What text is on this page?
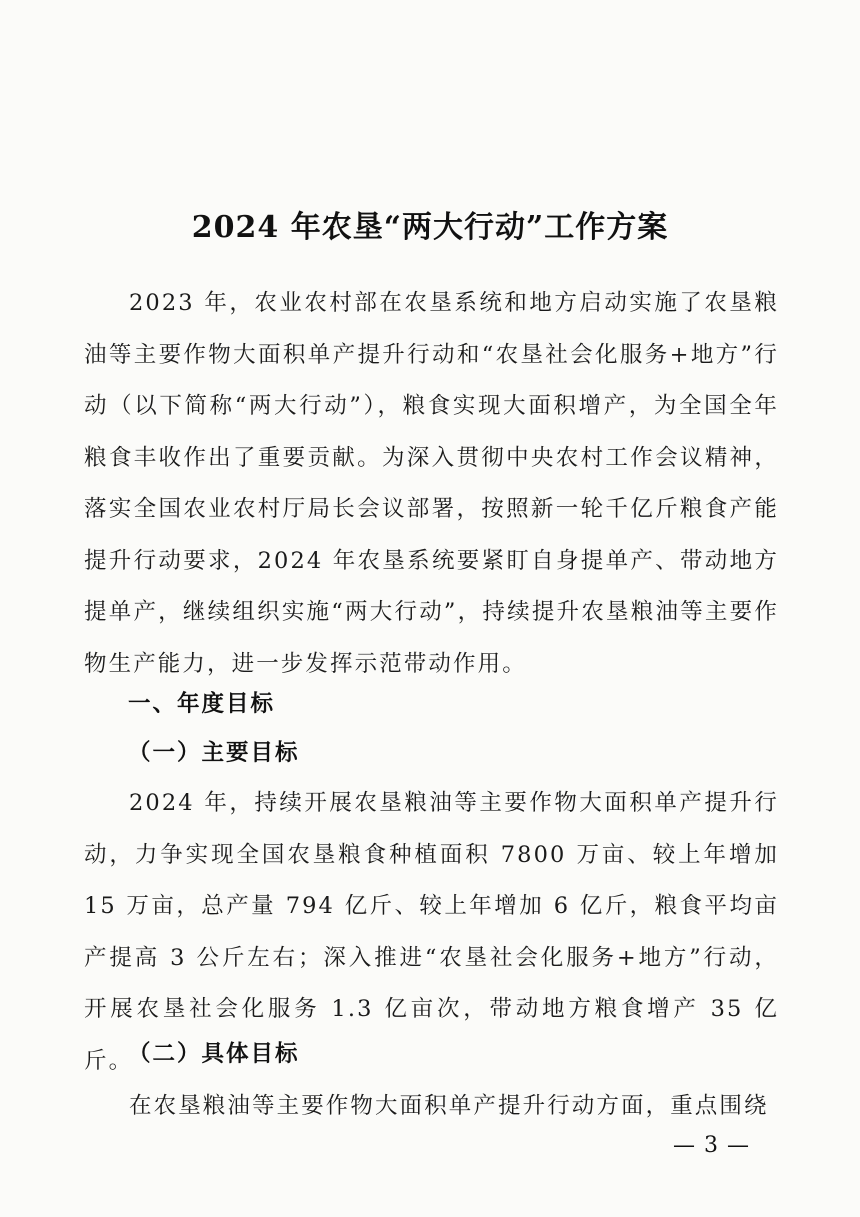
2024 年农垦“两大行动”工作方案

2023 年，农业农村部在农垦系统和地方启动实施了农垦粮油等主要作物大面积单产提升行动和“农垦社会化服务+地方”行动（以下简称“两大行动”），粮食实现大面积增产，为全国全年粮食丰收作出了重要贡献。为深入贯彻中央农村工作会议精神，落实全国农业农村厅局长会议部署，按照新一轮千亿斤粮食产能提升行动要求，2024 年农垦系统要紧盯自身提单产、带动地方提单产，继续组织实施“两大行动”，持续提升农垦粮油等主要作物生产能力，进一步发挥示范带动作用。

一、年度目标
（一）主要目标

2024 年，持续开展农垦粮油等主要作物大面积单产提升行动，力争实现全国农垦粮食种植面积 7800 万亩、较上年增加 15 万亩，总产量 794 亿斤、较上年增加 6 亿斤，粮食平均亩产提高 3 公斤左右；深入推进“农垦社会化服务+地方”行动，开展农垦社会化服务 1.3 亿亩次，带动地方粮食增产 35 亿斤。

（二）具体目标

在农垦粮油等主要作物大面积单产提升行动方面，重点围绕

— 3 —
